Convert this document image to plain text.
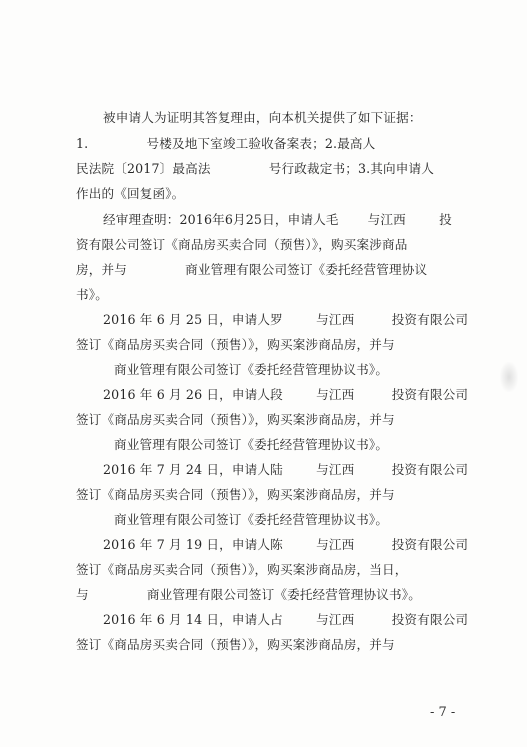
被申请人为证明其答复理由，向本机关提供了如下证据：
1.              号楼及地下室竣工验收备案表；2.最高人
民法院〔2017〕最高法              号行政裁定书；3.其向申请人
作出的《回复函》。
经审理查明：2016年6月25日，申请人毛       与江西        投
资有限公司签订《商品房买卖合同（预售）》，购买案涉商品
房，并与              商业管理有限公司签订《委托经营管理协议
书》。
2016 年 6 月 25 日，申请人罗        与江西         投资有限公司
签订《商品房买卖合同（预售）》，购买案涉商品房，并与
商业管理有限公司签订《委托经营管理协议书》。
2016 年 6 月 26 日，申请人段        与江西         投资有限公司
签订《商品房买卖合同（预售）》，购买案涉商品房，并与
商业管理有限公司签订《委托经营管理协议书》。
2016 年 7 月 24 日，申请人陆        与江西         投资有限公司
签订《商品房买卖合同（预售）》，购买案涉商品房，并与
商业管理有限公司签订《委托经营管理协议书》。
2016 年 7 月 19 日，申请人陈        与江西         投资有限公司
签订《商品房买卖合同（预售）》，购买案涉商品房，当日，
与              商业管理有限公司签订《委托经营管理协议书》。
2016 年 6 月 14 日，申请人占        与江西         投资有限公司
签订《商品房买卖合同（预售）》，购买案涉商品房，并与
- 7 -
